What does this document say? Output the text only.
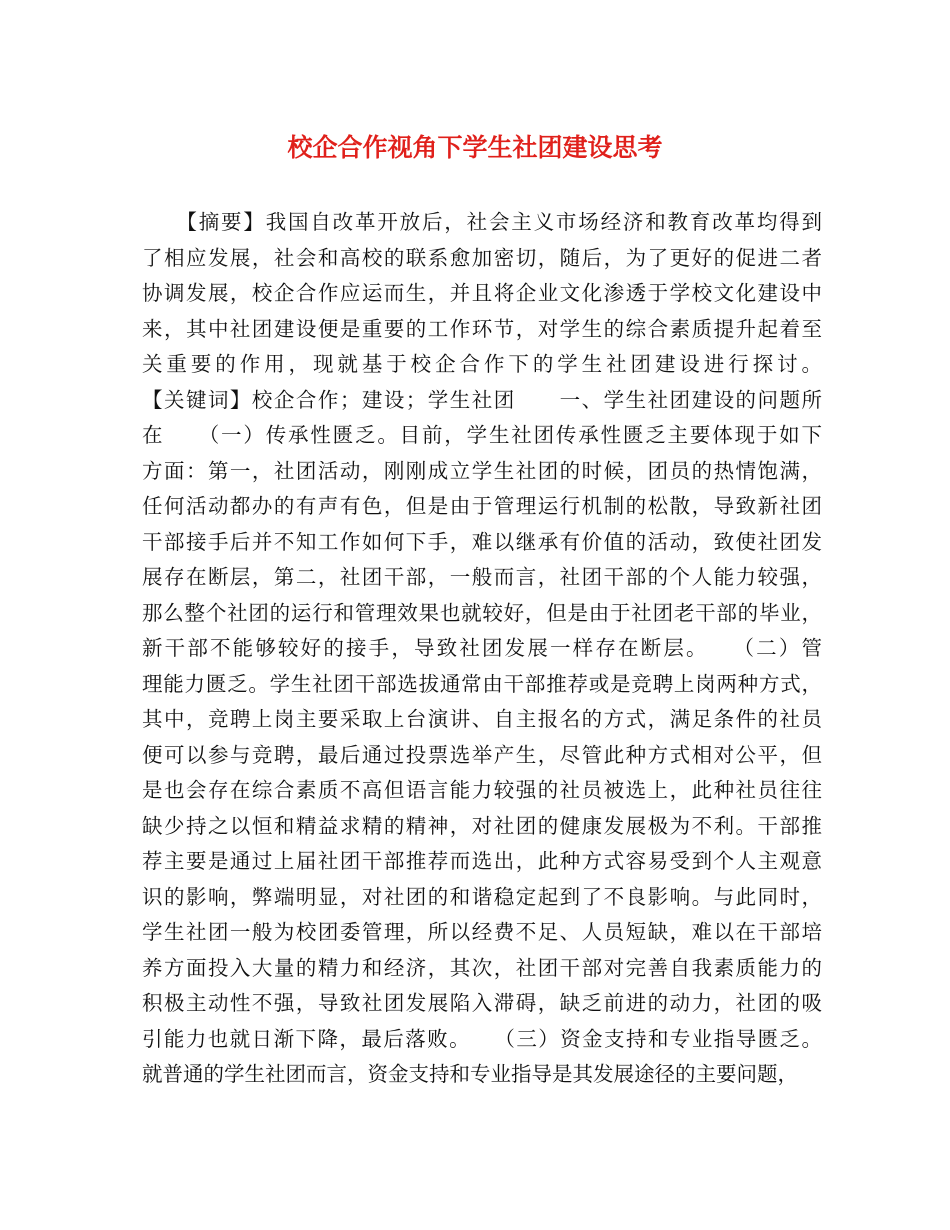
校企合作视角下学生社团建设思考
　　【摘要】我国自改革开放后，社会主义市场经济和教育改革均得到
了相应发展，社会和高校的联系愈加密切，随后，为了更好的促进二者
协调发展，校企合作应运而生，并且将企业文化渗透于学校文化建设中
来，其中社团建设便是重要的工作环节，对学生的综合素质提升起着至
关重要的作用，现就基于校企合作下的学生社团建设进行探讨。
【关键词】校企合作；建设；学生社团　　一、学生社团建设的问题所
在　　（一）传承性匮乏。目前，学生社团传承性匮乏主要体现于如下
方面：第一，社团活动，刚刚成立学生社团的时候，团员的热情饱满，
任何活动都办的有声有色，但是由于管理运行机制的松散，导致新社团
干部接手后并不知工作如何下手，难以继承有价值的活动，致使社团发
展存在断层，第二，社团干部，一般而言，社团干部的个人能力较强，
那么整个社团的运行和管理效果也就较好，但是由于社团老干部的毕业，
新干部不能够较好的接手，导致社团发展一样存在断层。　　（二）管
理能力匮乏。学生社团干部选拔通常由干部推荐或是竞聘上岗两种方式，
其中，竞聘上岗主要采取上台演讲、自主报名的方式，满足条件的社员
便可以参与竞聘，最后通过投票选举产生，尽管此种方式相对公平，但
是也会存在综合素质不高但语言能力较强的社员被选上，此种社员往往
缺少持之以恒和精益求精的精神，对社团的健康发展极为不利。干部推
荐主要是通过上届社团干部推荐而选出，此种方式容易受到个人主观意
识的影响，弊端明显，对社团的和谐稳定起到了不良影响。与此同时，
学生社团一般为校团委管理，所以经费不足、人员短缺，难以在干部培
养方面投入大量的精力和经济，其次，社团干部对完善自我素质能力的
积极主动性不强，导致社团发展陷入滞碍，缺乏前进的动力，社团的吸
引能力也就日渐下降，最后落败。　　（三）资金支持和专业指导匮乏。
就普通的学生社团而言，资金支持和专业指导是其发展途径的主要问题，
